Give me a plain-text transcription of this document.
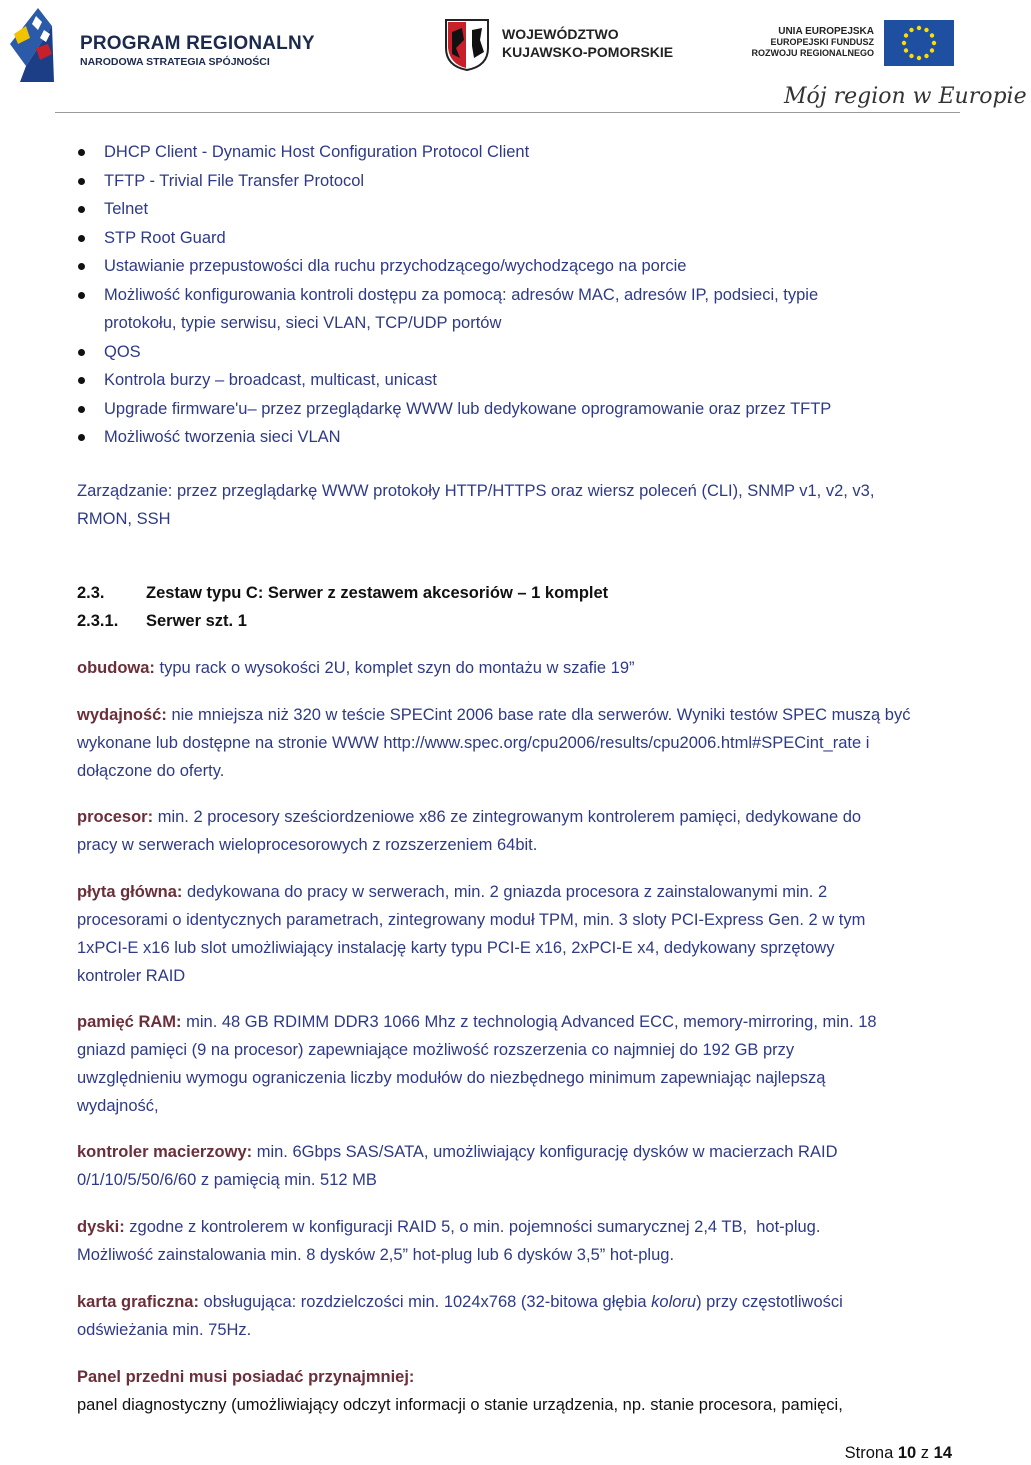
PROGRAM REGIONALNY
NARODOWA STRATEGIA SPÓJNOŚCI
WOJEWÓDZTWO
KUJAWSKO-POMORSKIE
UNIA EUROPEJSKA
EUROPEJSKI FUNDUSZ
ROZWOJU REGIONALNEGO
Mój region w Europie
DHCP Client - Dynamic Host Configuration Protocol Client
TFTP - Trivial File Transfer Protocol
Telnet
STP Root Guard
Ustawianie przepustowości dla ruchu przychodzącego/wychodzącego na porcie
Możliwość konfigurowania kontroli dostępu za pomocą: adresów MAC, adresów IP, podsieci, typie
protokołu, typie serwisu, sieci VLAN, TCP/UDP portów
QOS
Kontrola burzy – broadcast, multicast, unicast
Upgrade firmware'u– przez przeglądarkę WWW lub dedykowane oprogramowanie oraz przez TFTP
Możliwość tworzenia sieci VLAN
Zarządzanie: przez przeglądarkę WWW protokoły HTTP/HTTPS oraz wiersz poleceń (CLI), SNMP v1, v2, v3,
RMON, SSH
2.3.	Zestaw typu C: Serwer z zestawem akcesoriów – 1 komplet
2.3.1. Serwer szt. 1
obudowa: typu rack o wysokości 2U, komplet szyn do montażu w szafie 19”
wydajność: nie mniejsza niż 320 w teście SPECint 2006 base rate dla serwerów. Wyniki testów SPEC muszą być
wykonane lub dostępne na stronie WWW http://www.spec.org/cpu2006/results/cpu2006.html#SPECint_rate i
dołączone do oferty.
procesor: min. 2 procesory sześciordzeniowe x86 ze zintegrowanym kontrolerem pamięci, dedykowane do
pracy w serwerach wieloprocesorowych z rozszerzeniem 64bit.
płyta główna: dedykowana do pracy w serwerach, min. 2 gniazda procesora z zainstalowanymi min. 2
procesorami o identycznych parametrach, zintegrowany moduł TPM, min. 3 sloty PCI-Express Gen. 2 w tym
1xPCI-E x16 lub slot umożliwiający instalację karty typu PCI-E x16, 2xPCI-E x4, dedykowany sprzętowy
kontroler RAID
pamięć RAM: min. 48 GB RDIMM DDR3 1066 Mhz z technologią Advanced ECC, memory-mirroring, min. 18
gniazd pamięci (9 na procesor) zapewniające możliwość rozszerzenia co najmniej do 192 GB przy
uwzględnieniu wymogu ograniczenia liczby modułów do niezbędnego minimum zapewniając najlepszą
wydajność,
kontroler macierzowy: min. 6Gbps SAS/SATA, umożliwiający konfigurację dysków w macierzach RAID
0/1/10/5/50/6/60 z pamięcią min. 512 MB
dyski: zgodne z kontrolerem w konfiguracji RAID 5, o min. pojemności sumarycznej 2,4 TB,  hot-plug.
Możliwość zainstalowania min. 8 dysków 2,5” hot-plug lub 6 dysków 3,5” hot-plug.
karta graficzna: obsługująca: rozdzielczości min. 1024x768 (32-bitowa głębia koloru) przy częstotliwości
odświeżania min. 75Hz.
Panel przedni musi posiadać przynajmniej:
panel diagnostyczny (umożliwiający odczyt informacji o stanie urządzenia, np. stanie procesora, pamięci,
Strona 10 z 14
